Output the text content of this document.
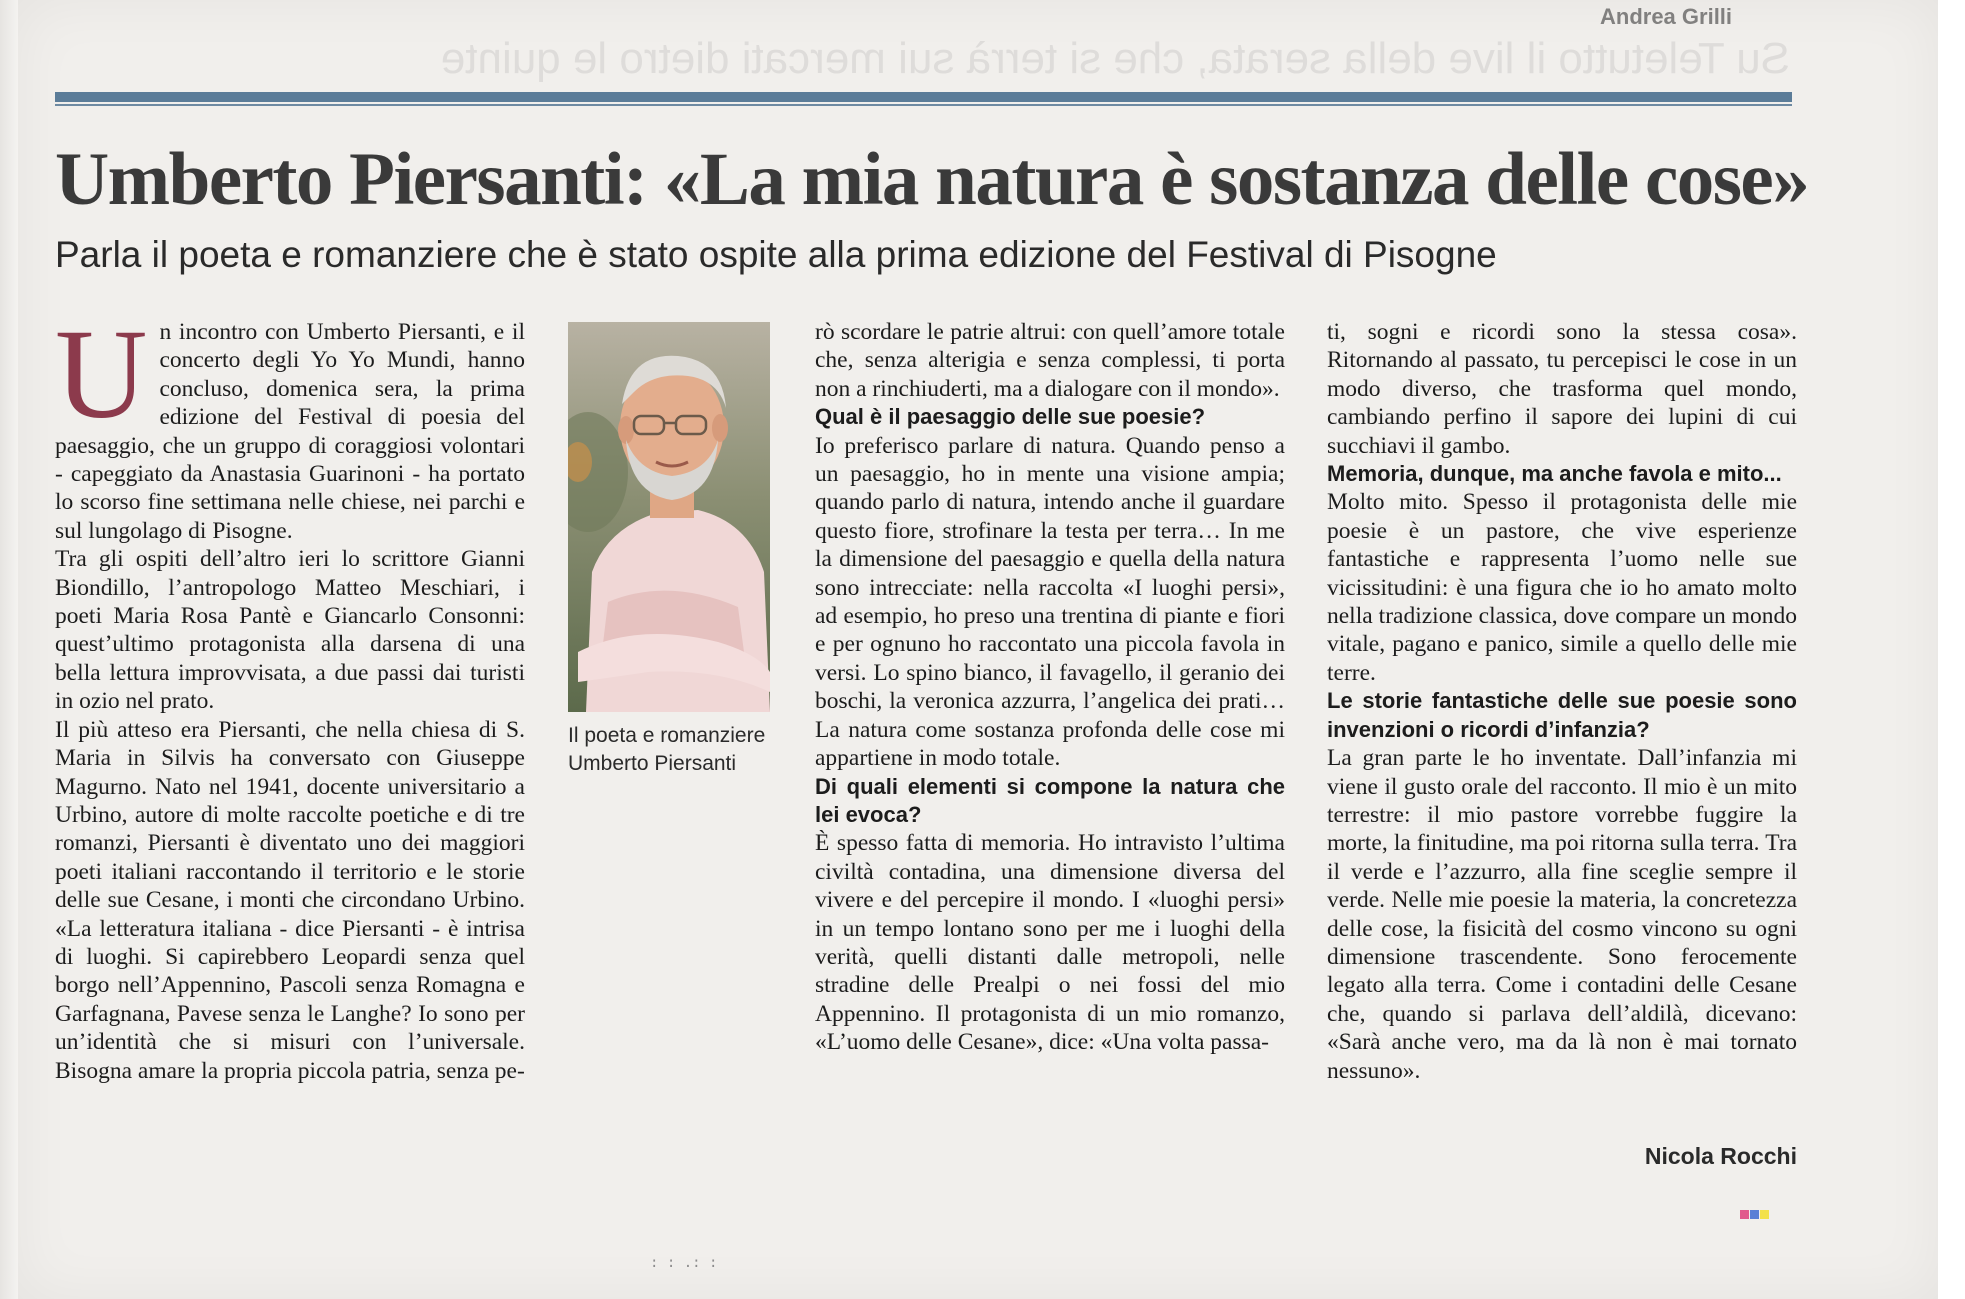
Andrea Grilli
Su Teletutto il live della serata, che si terrà sui mercati dietro le quinte
Umberto Piersanti: «La mia natura è sostanza delle cose»
Parla il poeta e romanziere che è stato ospite alla prima edizione del Festival di Pisogne
U n incontro con Umberto Piersanti, e il concerto degli Yo Yo Mundi, hanno concluso, domenica sera, la prima edizione del Festival di poesia del paesaggio, che un gruppo di coraggiosi volontari - capeggiato da Anastasia Guarinoni - ha portato lo scorso fine settimana nelle chiese, nei parchi e sul lungolago di Pisogne.

Tra gli ospiti dell’altro ieri lo scrittore Gianni Biondillo, l’antropologo Matteo Meschiari, i poeti Maria Rosa Pantè e Giancarlo Consonni: quest’ultimo protagonista alla darsena di una bella lettura improvvisata, a due passi dai turisti in ozio nel prato.

Il più atteso era Piersanti, che nella chiesa di S. Maria in Silvis ha conversato con Giuseppe Magurno. Nato nel 1941, docente universitario a Urbino, autore di molte raccolte poetiche e di tre romanzi, Piersanti è diventato uno dei maggiori poeti italiani raccontando il territorio e le storie delle sue Cesane, i monti che circondano Urbino. «La letteratura italiana - dice Piersanti - è intrisa di luoghi. Si capirebbero Leopardi senza quel borgo nell’Appennino, Pascoli senza Romagna e Garfagnana, Pavese senza le Langhe? Io sono per un’identità che si misuri con l’universale. Bisogna amare la propria piccola patria, senza pe-

Il poeta e romanziere Umberto Piersanti

rò scordare le patrie altrui: con quell’amore totale che, senza alterigia e senza complessi, ti porta non a rinchiuderti, ma a dialogare con il mondo».

Qual è il paesaggio delle sue poesie?

Io preferisco parlare di natura. Quando penso a un paesaggio, ho in mente una visione ampia; quando parlo di natura, intendo anche il guardare questo fiore, strofinare la testa per terra… In me la dimensione del paesaggio e quella della natura sono intrecciate: nella raccolta «I luoghi persi», ad esempio, ho preso una trentina di piante e fiori e per ognuno ho raccontato una piccola favola in versi. Lo spino bianco, il favagello, il geranio dei boschi, la veronica azzurra, l’angelica dei prati… La natura come sostanza profonda delle cose mi appartiene in modo totale.

Di quali elementi si compone la natura che lei evoca?

È spesso fatta di memoria. Ho intravisto l’ultima civiltà contadina, una dimensione diversa del vivere e del percepire il mondo. I «luoghi persi» in un tempo lontano sono per me i luoghi della verità, quelli distanti dalle metropoli, nelle stradine delle Prealpi o nei fossi del mio Appennino. Il protagonista di un mio romanzo, «L’uomo delle Cesane», dice: «Una volta passa-

ti, sogni e ricordi sono la stessa cosa». Ritornando al passato, tu percepisci le cose in un modo diverso, che trasforma quel mondo, cambiando perfino il sapore dei lupini di cui succhiavi il gambo.

Memoria, dunque, ma anche favola e mito...

Molto mito. Spesso il protagonista delle mie poesie è un pastore, che vive esperienze fantastiche e rappresenta l’uomo nelle sue vicissitudini: è una figura che io ho amato molto nella tradizione classica, dove compare un mondo vitale, pagano e panico, simile a quello delle mie terre.

Le storie fantastiche delle sue poesie sono invenzioni o ricordi d’infanzia?

La gran parte le ho inventate. Dall’infanzia mi viene il gusto orale del racconto. Il mio è un mito terrestre: il mio pastore vorrebbe fuggire la morte, la finitudine, ma poi ritorna sulla terra. Tra il verde e l’azzurro, alla fine sceglie sempre il verde. Nelle mie poesie la materia, la concretezza delle cose, la fisicità del cosmo vincono su ogni dimensione trascendente. Sono ferocemente legato alla terra. Come i contadini delle Cesane che, quando si parlava dell’aldilà, dicevano: «Sarà anche vero, ma da là non è mai tornato nessuno».

Nicola Rocchi
: : .: :
